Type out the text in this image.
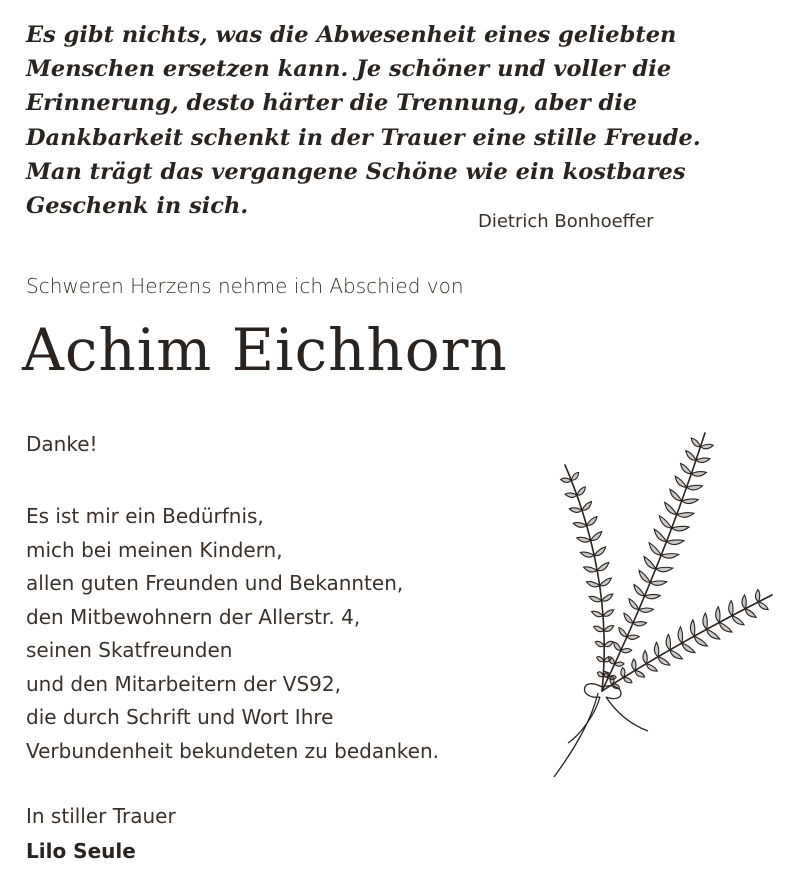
Es gibt nichts, was die Abwesenheit eines geliebten
Menschen ersetzen kann. Je schöner und voller die
Erinnerung, desto härter die Trennung, aber die
Dankbarkeit schenkt in der Trauer eine stille Freude.
Man trägt das vergangene Schöne wie ein kostbares
Geschenk in sich.
Dietrich Bonhoeffer
Schweren Herzens nehme ich Abschied von
Achim Eichhorn
Danke!
Es ist mir ein Bedürfnis,
mich bei meinen Kindern,
allen guten Freunden und Bekannten,
den Mitbewohnern der Allerstr. 4,
seinen Skatfreunden
und den Mitarbeitern der VS92,
die durch Schrift und Wort Ihre
Verbundenheit bekundeten zu bedanken.
In stiller Trauer
Lilo Seule
